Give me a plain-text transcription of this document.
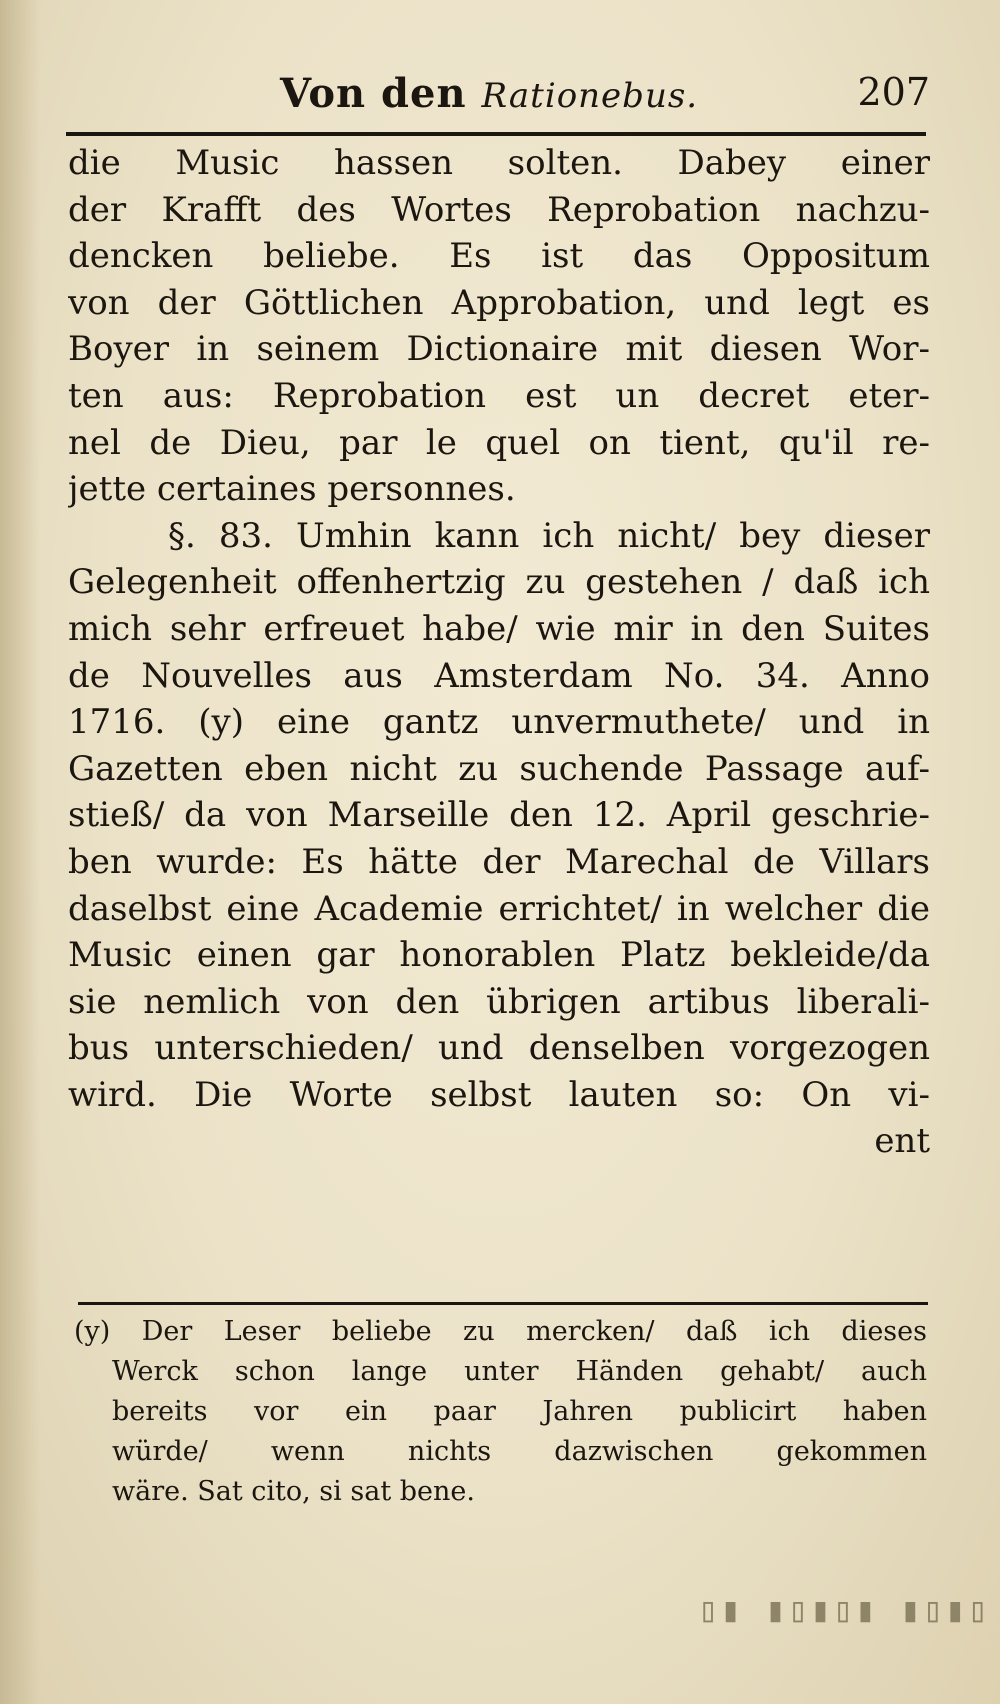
Von den Rationebus.	207
die Music hassen solten. Dabey einer
der Krafft des Wortes Reprobation nachzu-
dencken beliebe. Es ist das Oppositum
von der Göttlichen Approbation, und legt es
Boyer in seinem Dictionaire mit diesen Wor-
ten aus: Reprobation est un decret eter-
nel de Dieu, par le quel on tient, qu'il re-
jette certaines personnes.
§. 83. Umhin kann ich nicht/ bey dieser
Gelegenheit offenhertzig zu gestehen / daß ich
mich sehr erfreuet habe/ wie mir in den Suites
de Nouvelles aus Amsterdam No. 34. Anno
1716. (y) eine gantz unvermuthete/ und in
Gazetten eben nicht zu suchende Passage auf-
stieß/ da von Marseille den 12. April geschrie-
ben wurde: Es hätte der Marechal de Villars
daselbst eine Academie errichtet/ in welcher die
Music einen gar honorablen Platz bekleide/da
sie nemlich von den übrigen artibus liberali-
bus unterschieden/ und denselben vorgezogen
wird. Die Worte selbst lauten so: On vi-
ent
(y) Der Leser beliebe zu mercken/ daß ich dieses
Werck schon lange unter Händen gehabt/ auch
bereits vor ein paar Jahren publicirt haben
würde/ wenn nichts dazwischen gekommen
wäre. Sat cito, si sat bene.
▯▮ ▮▯▮▯▮ ▮▯▮▯
